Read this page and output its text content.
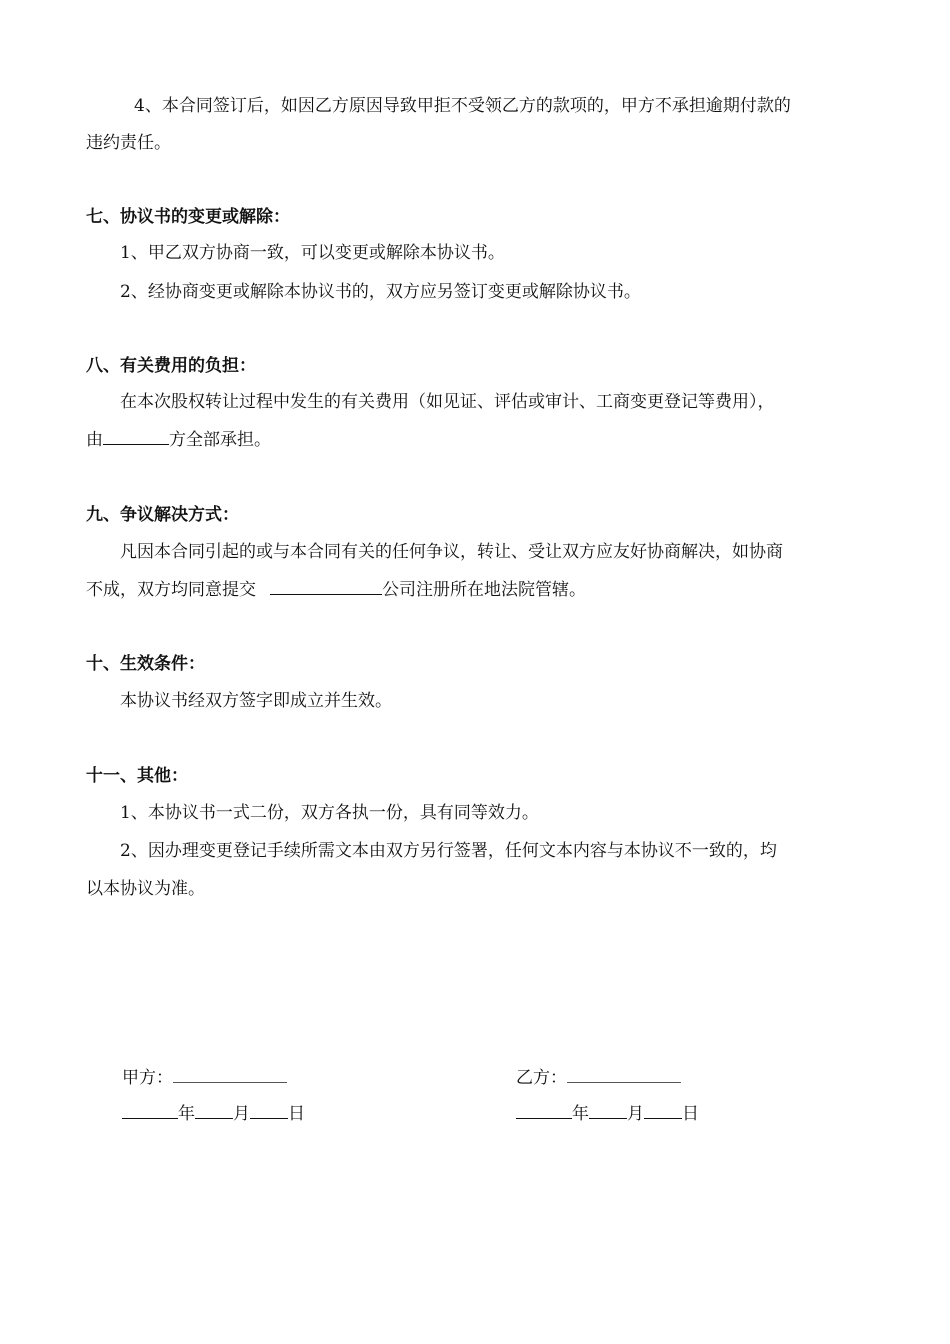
4、本合同签订后，如因乙方原因导致甲拒不受领乙方的款项的，甲方不承担逾期付款的
违约责任。
七、协议书的变更或解除：
1、甲乙双方协商一致，可以变更或解除本协议书。
2、经协商变更或解除本协议书的，双方应另签订变更或解除协议书。
八、有关费用的负担：
在本次股权转让过程中发生的有关费用（如见证、评估或审计、工商变更登记等费用），
由	方全部承担。
九、争议解决方式：
凡因本合同引起的或与本合同有关的任何争议，转让、受让双方应友好协商解决，如协商
不成，双方均同意提交	公司注册所在地法院管辖。
十、生效条件：
本协议书经双方签字即成立并生效。
十一、其他：
1、本协议书一式二份，双方各执一份，具有同等效力。
2、因办理变更登记手续所需文本由双方另行签署，任何文本内容与本协议不一致的，均
以本协议为准。
甲方：
年 月 日
乙方：
年 月 日
